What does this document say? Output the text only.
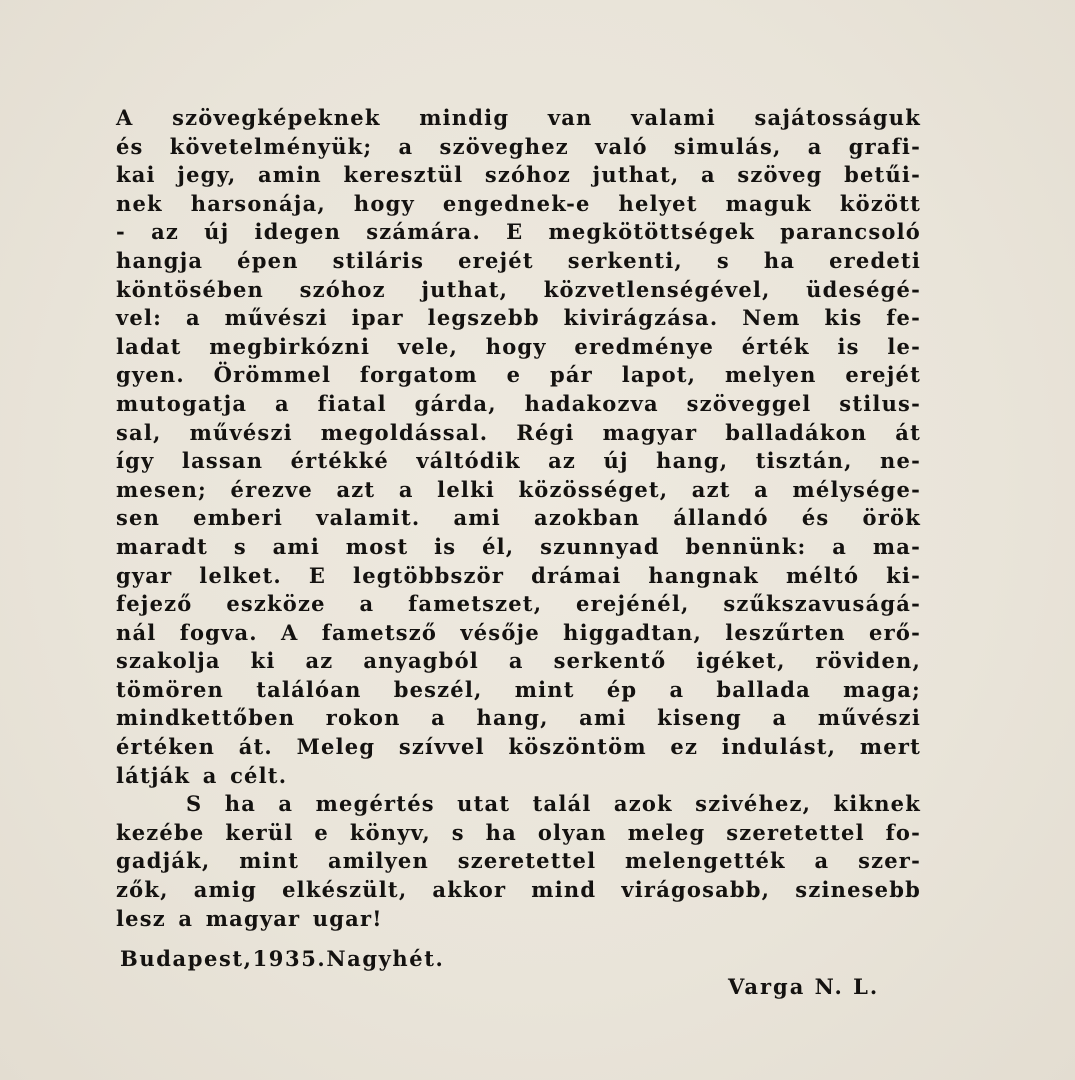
A szövegképeknek mindig van valami sajátosságuk
és követelményük; a szöveghez való simulás, a grafi-
kai jegy, amin keresztül szóhoz juthat, a szöveg betűi-
nek harsonája, hogy engednek-e helyet maguk között
- az új idegen számára. E megkötöttségek parancsoló
hangja épen stiláris erejét serkenti, s ha eredeti
köntösében szóhoz juthat, közvetlenségével, üdeségé-
vel: a művészi ipar legszebb kivirágzása. Nem kis fe-
ladat megbirkózni vele, hogy eredménye érték is le-
gyen. Örömmel forgatom e pár lapot, melyen erejét
mutogatja a fiatal gárda, hadakozva szöveggel stilus-
sal, művészi megoldással. Régi magyar balladákon át
így lassan értékké váltódik az új hang, tisztán, ne-
mesen; érezve azt a lelki közösséget, azt a mélysége-
sen emberi valamit. ami azokban állandó és örök
maradt s ami most is él, szunnyad bennünk: a ma-
gyar lelket. E legtöbbször drámai hangnak méltó ki-
fejező eszköze a fametszet, erejénél, szűkszavuságá-
nál fogva. A fametsző vésője higgadtan, leszűrten erő-
szakolja ki az anyagból a serkentő igéket, röviden,
tömören találóan beszél, mint ép a ballada maga;
mindkettőben rokon a hang, ami kiseng a művészi
értéken át. Meleg szívvel köszöntöm ez indulást, mert
látják a célt.
S ha a megértés utat talál azok szivéhez, kiknek
kezébe kerül e könyv, s ha olyan meleg szeretettel fo-
gadják, mint amilyen szeretettel melengették a szer-
zők, amig elkészült, akkor mind virágosabb, szinesebb
lesz a magyar ugar!
Budapest,1935.Nagyhét.
Varga N. L.
